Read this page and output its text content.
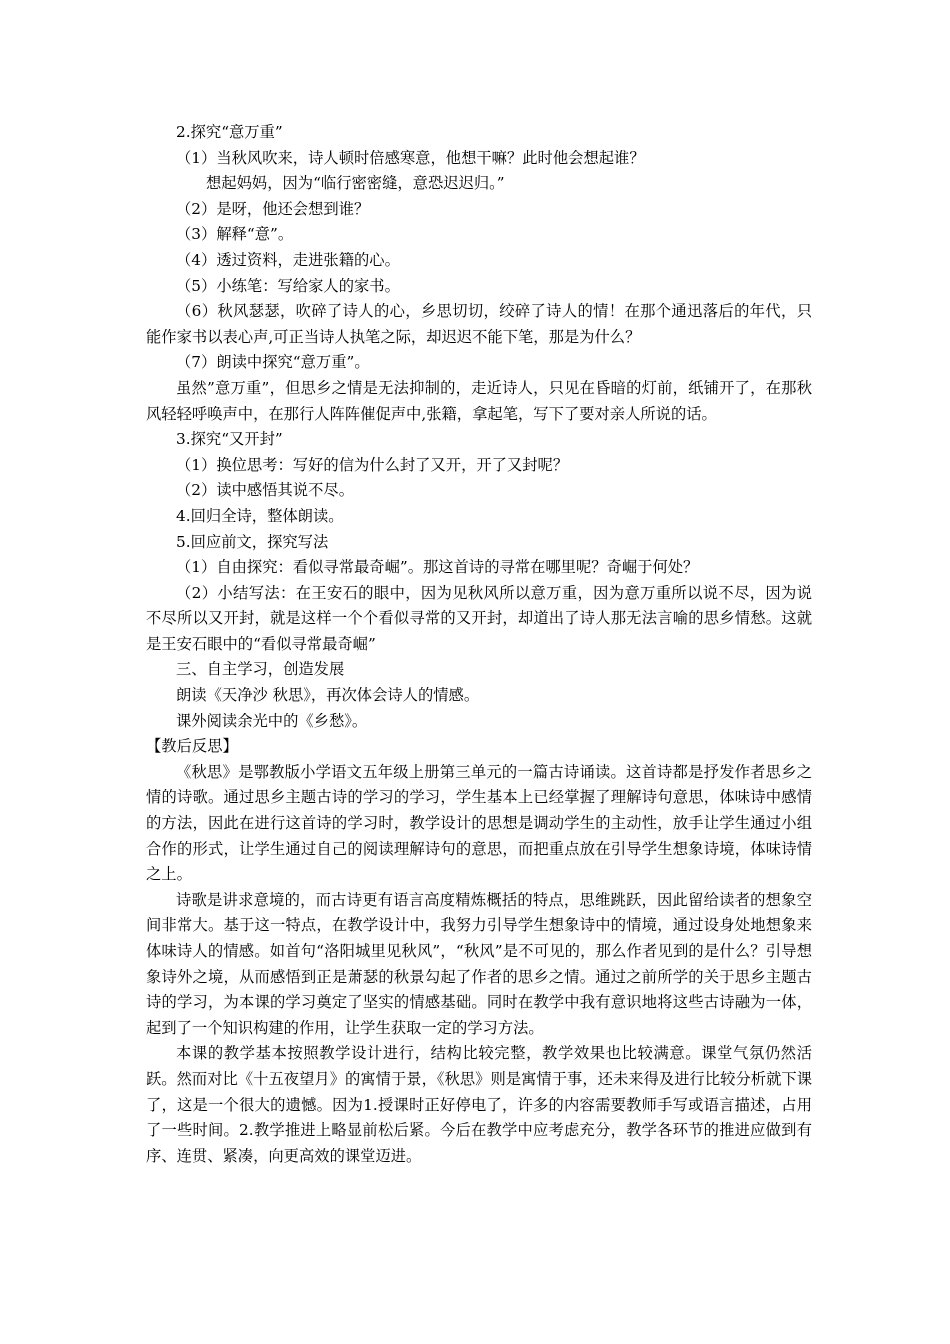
2.探究“意万重”
（1）当秋风吹来，诗人顿时倍感寒意，他想干嘛？此时他会想起谁？
想起妈妈，因为“临行密密缝，意恐迟迟归。”
（2）是呀，他还会想到谁？
（3）解释“意”。
（4）透过资料，走进张籍的心。
（5）小练笔：写给家人的家书。
（6）秋风瑟瑟，吹碎了诗人的心，乡思切切，绞碎了诗人的情！在那个通迅落后的年代，只能作家书以表心声,可正当诗人执笔之际，却迟迟不能下笔，那是为什么？
（7）朗读中探究“意万重”。
虽然”意万重”，但思乡之情是无法抑制的，走近诗人，只见在昏暗的灯前，纸铺开了，在那秋风轻轻呼唤声中，在那行人阵阵催促声中,张籍，拿起笔，写下了要对亲人所说的话。
3.探究“又开封”
（1）换位思考：写好的信为什么封了又开，开了又封呢？
（2）读中感悟其说不尽。
4.回归全诗，整体朗读。
5.回应前文，探究写法
（1）自由探究：看似寻常最奇崛”。那这首诗的寻常在哪里呢？奇崛于何处？
（2）小结写法：在王安石的眼中，因为见秋风所以意万重，因为意万重所以说不尽，因为说不尽所以又开封，就是这样一个个看似寻常的又开封，却道出了诗人那无法言喻的思乡情愁。这就是王安石眼中的“看似寻常最奇崛”
三、自主学习，创造发展
朗读《天净沙 秋思》，再次体会诗人的情感。
课外阅读余光中的《乡愁》。
【教后反思】
《秋思》是鄂教版小学语文五年级上册第三单元的一篇古诗诵读。这首诗都是抒发作者思乡之情的诗歌。通过思乡主题古诗的学习的学习，学生基本上已经掌握了理解诗句意思，体味诗中感情的方法，因此在进行这首诗的学习时，教学设计的思想是调动学生的主动性，放手让学生通过小组合作的形式，让学生通过自己的阅读理解诗句的意思，而把重点放在引导学生想象诗境，体味诗情之上。
诗歌是讲求意境的，而古诗更有语言高度精炼概括的特点，思维跳跃，因此留给读者的想象空间非常大。基于这一特点，在教学设计中，我努力引导学生想象诗中的情境，通过设身处地想象来体味诗人的情感。如首句“洛阳城里见秋风”，“秋风”是不可见的，那么作者见到的是什么？引导想象诗外之境，从而感悟到正是萧瑟的秋景勾起了作者的思乡之情。通过之前所学的关于思乡主题古诗的学习，为本课的学习奠定了坚实的情感基础。同时在教学中我有意识地将这些古诗融为一体，起到了一个知识构建的作用，让学生获取一定的学习方法。
本课的教学基本按照教学设计进行，结构比较完整，教学效果也比较满意。课堂气氛仍然活跃。然而对比《十五夜望月》的寓情于景，《秋思》则是寓情于事，还未来得及进行比较分析就下课了，这是一个很大的遗憾。因为1.授课时正好停电了，许多的内容需要教师手写或语言描述，占用了一些时间。2.教学推进上略显前松后紧。今后在教学中应考虑充分，教学各环节的推进应做到有序、连贯、紧凑，向更高效的课堂迈进。
